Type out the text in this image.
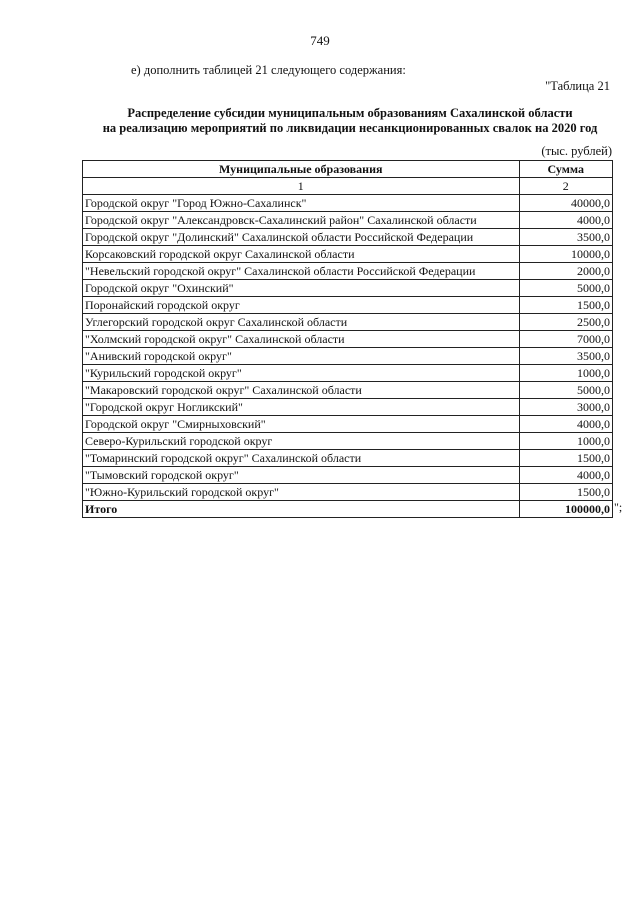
749
е) дополнить таблицей 21 следующего содержания:
"Таблица 21
Распределение субсидии муниципальным образованиям Сахалинской области
на реализацию мероприятий по ликвидации несанкционированных свалок на 2020 год
(тыс. рублей)
Муниципальные образования	Сумма
1	2
Городской округ "Город Южно-Сахалинск"	40000,0
Городской округ "Александровск-Сахалинский район" Сахалинской области	4000,0
Городской округ "Долинский" Сахалинской области Российской Федерации	3500,0
Корсаковский городской округ Сахалинской области	10000,0
"Невельский городской округ" Сахалинской области Российской Федерации	2000,0
Городской округ "Охинский"	5000,0
Поронайский городской округ	1500,0
Углегорский городской округ Сахалинской области	2500,0
"Холмский городской округ" Сахалинской области	7000,0
"Анивский городской округ"	3500,0
"Курильский городской округ"	1000,0
"Макаровский городской округ" Сахалинской области	5000,0
"Городской округ Ногликский"	3000,0
Городской округ "Смирныховский"	4000,0
Северо-Курильский городской округ	1000,0
"Томаринский городской округ" Сахалинской области	1500,0
"Тымовский городской округ"	4000,0
"Южно-Курильский городской округ"	1500,0
Итого	100000,0 ";
